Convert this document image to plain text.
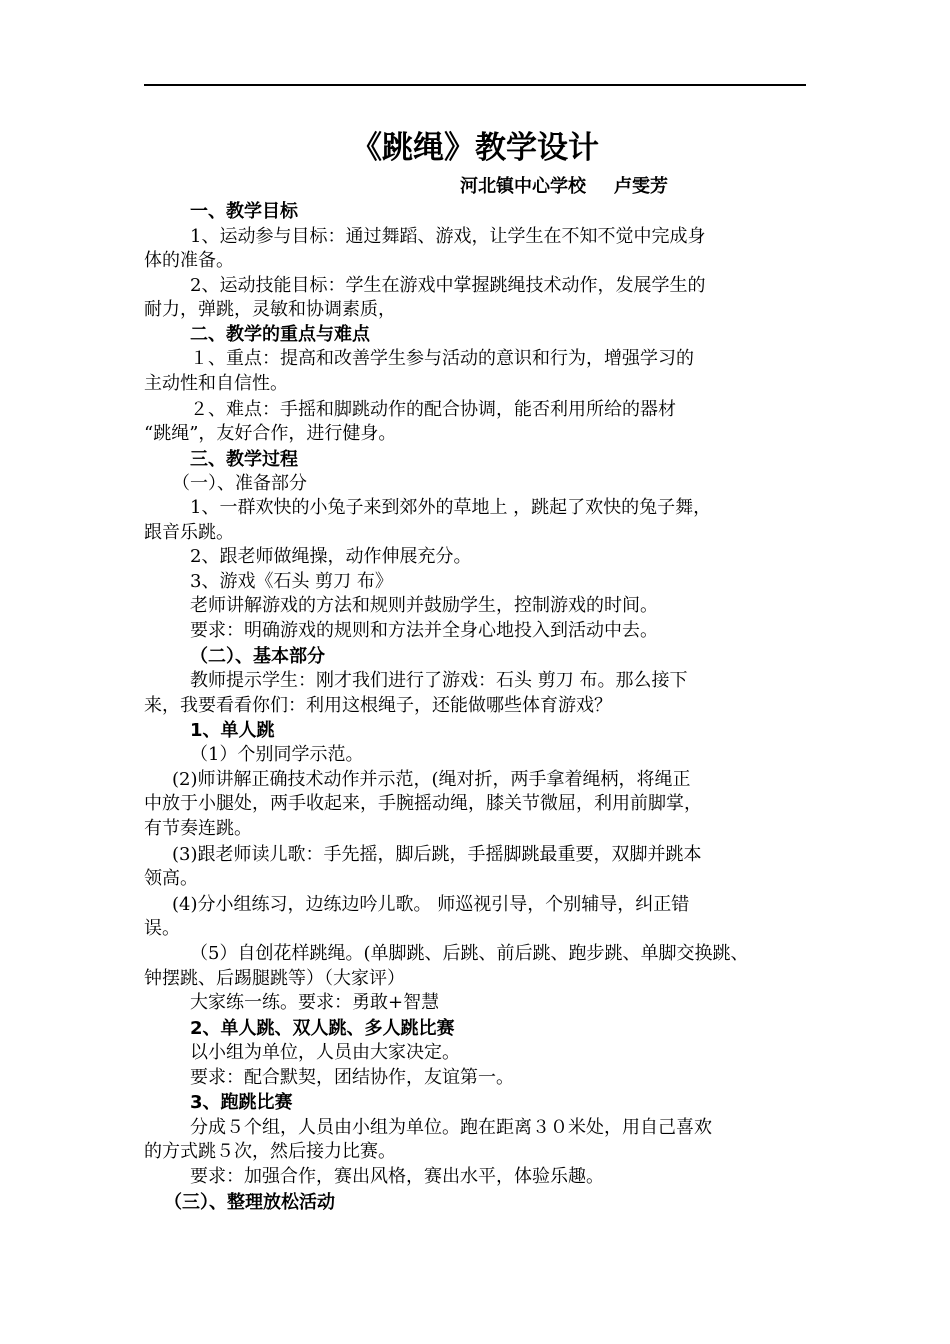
《跳绳》教学设计
河北镇中心学校 卢雯芳
一、教学目标
1、运动参与目标：通过舞蹈、游戏，让学生在不知不觉中完成身
体的准备。
2、运动技能目标：学生在游戏中掌握跳绳技术动作，发展学生的
耐力，弹跳，灵敏和协调素质，
二、教学的重点与难点
１、重点：提高和改善学生参与活动的意识和行为，增强学习的
主动性和自信性。
２、难点：手摇和脚跳动作的配合协调，能否利用所给的器材
“跳绳”，友好合作，进行健身。
三、教学过程
（一）、准备部分
1、一群欢快的小兔子来到郊外的草地上 ，跳起了欢快的兔子舞，
跟音乐跳。
2、跟老师做绳操，动作伸展充分。
3、游戏《石头 剪刀 布》
老师讲解游戏的方法和规则并鼓励学生，控制游戏的时间。
要求：明确游戏的规则和方法并全身心地投入到活动中去。
（二）、基本部分
教师提示学生：刚才我们进行了游戏：石头 剪刀 布。那么接下
来，我要看看你们：利用这根绳子，还能做哪些体育游戏？
1、单人跳
（1）个别同学示范。
(2)师讲解正确技术动作并示范，(绳对折，两手拿着绳柄，将绳正
中放于小腿处，两手收起来，手腕摇动绳，膝关节微屈，利用前脚掌，
有节奏连跳。
(3)跟老师读儿歌：手先摇，脚后跳，手摇脚跳最重要，双脚并跳本
领高。
(4)分小组练习，边练边吟儿歌。 师巡视引导，个别辅导，纠正错
误。
（5）自创花样跳绳。(单脚跳、后跳、前后跳、跑步跳、单脚交换跳、
钟摆跳、后踢腿跳等）（大家评）
大家练一练。要求：勇敢+智慧
2、单人跳、双人跳、多人跳比赛
以小组为单位，人员由大家决定。
要求：配合默契，团结协作，友谊第一。
3、跑跳比赛
分成５个组，人员由小组为单位。跑在距离３０米处，用自己喜欢
的方式跳５次，然后接力比赛。
要求：加强合作，赛出风格，赛出水平，体验乐趣。
（三）、整理放松活动
